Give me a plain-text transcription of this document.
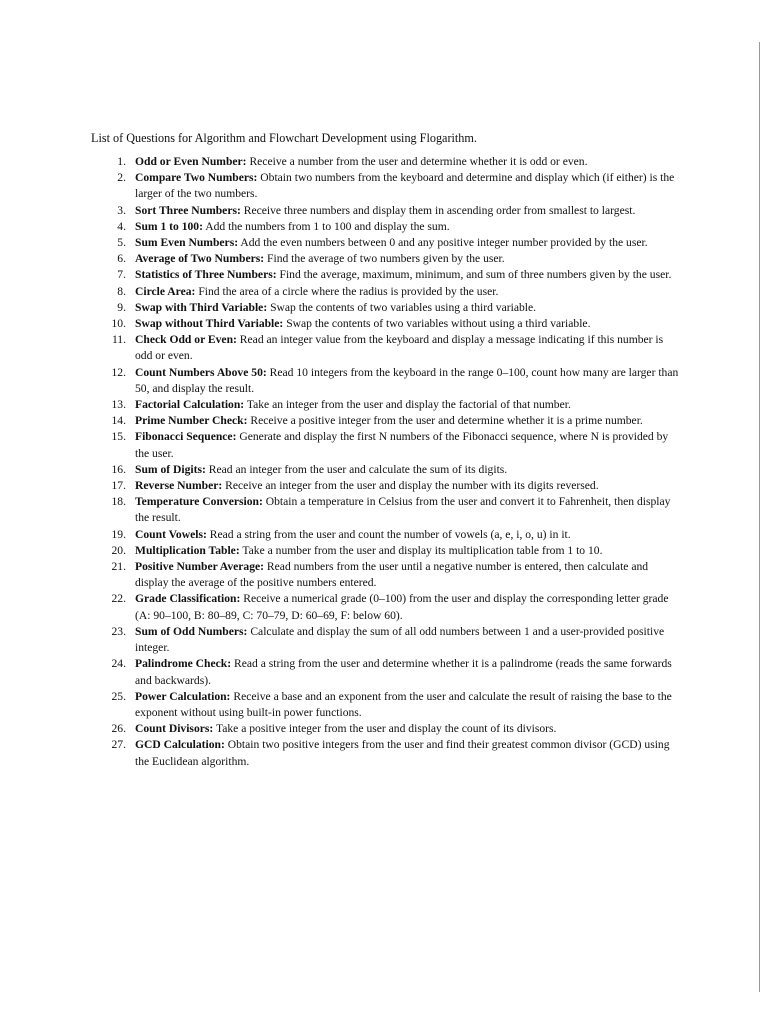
List of Questions for Algorithm and Flowchart Development using Flogarithm.

1. Odd or Even Number: Receive a number from the user and determine whether it is odd or even.
2. Compare Two Numbers: Obtain two numbers from the keyboard and determine and display which (if either) is the larger of the two numbers.
3. Sort Three Numbers: Receive three numbers and display them in ascending order from smallest to largest.
4. Sum 1 to 100: Add the numbers from 1 to 100 and display the sum.
5. Sum Even Numbers: Add the even numbers between 0 and any positive integer number provided by the user.
6. Average of Two Numbers: Find the average of two numbers given by the user.
7. Statistics of Three Numbers: Find the average, maximum, minimum, and sum of three numbers given by the user.
8. Circle Area: Find the area of a circle where the radius is provided by the user.
9. Swap with Third Variable: Swap the contents of two variables using a third variable.
10. Swap without Third Variable: Swap the contents of two variables without using a third variable.
11. Check Odd or Even: Read an integer value from the keyboard and display a message indicating if this number is odd or even.
12. Count Numbers Above 50: Read 10 integers from the keyboard in the range 0–100, count how many are larger than 50, and display the result.
13. Factorial Calculation: Take an integer from the user and display the factorial of that number.
14. Prime Number Check: Receive a positive integer from the user and determine whether it is a prime number.
15. Fibonacci Sequence: Generate and display the first N numbers of the Fibonacci sequence, where N is provided by the user.
16. Sum of Digits: Read an integer from the user and calculate the sum of its digits.
17. Reverse Number: Receive an integer from the user and display the number with its digits reversed.
18. Temperature Conversion: Obtain a temperature in Celsius from the user and convert it to Fahrenheit, then display the result.
19. Count Vowels: Read a string from the user and count the number of vowels (a, e, i, o, u) in it.
20. Multiplication Table: Take a number from the user and display its multiplication table from 1 to 10.
21. Positive Number Average: Read numbers from the user until a negative number is entered, then calculate and display the average of the positive numbers entered.
22. Grade Classification: Receive a numerical grade (0–100) from the user and display the corresponding letter grade (A: 90–100, B: 80–89, C: 70–79, D: 60–69, F: below 60).
23. Sum of Odd Numbers: Calculate and display the sum of all odd numbers between 1 and a user-provided positive integer.
24. Palindrome Check: Read a string from the user and determine whether it is a palindrome (reads the same forwards and backwards).
25. Power Calculation: Receive a base and an exponent from the user and calculate the result of raising the base to the exponent without using built-in power functions.
26. Count Divisors: Take a positive integer from the user and display the count of its divisors.
27. GCD Calculation: Obtain two positive integers from the user and find their greatest common divisor (GCD) using the Euclidean algorithm.
